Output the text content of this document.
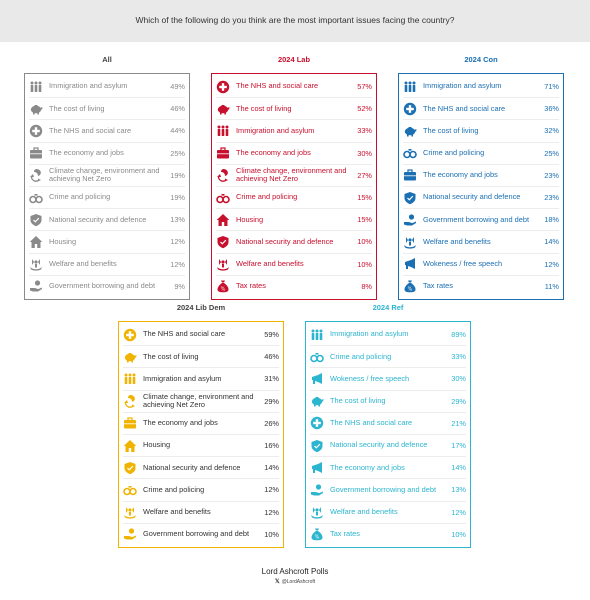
Which of the following do you think are the most important issues facing the country?
All
Immigration and asylum	49%
The cost of living	46%
The NHS and social care	44%
The economy and jobs	25%
Climate change, environment and achieving Net Zero	19%
Crime and policing	19%
National security and defence	13%
Housing	12%
Welfare and benefits	12%
Government borrowing and debt	9%
2024 Lab
The NHS and social care	57%
The cost of living	52%
Immigration and asylum	33%
The economy and jobs	30%
Climate change, environment and achieving Net Zero	27%
Crime and policing	15%
Housing	15%
National security and defence	10%
Welfare and benefits	10%
% Tax rates	8%
2024 Con
Immigration and asylum	71%
The NHS and social care	36%
The cost of living	32%
Crime and policing	25%
The economy and jobs	23%
National security and defence	23%
Government borrowing and debt	18%
Welfare and benefits	14%
Wokeness / free speech	12%
% Tax rates	11%
2024 Lib Dem
The NHS and social care	59%
The cost of living	46%
Immigration and asylum	31%
Climate change, environment and achieving Net Zero	29%
The economy and jobs	26%
Housing	16%
National security and defence	14%
Crime and policing	12%
Welfare and benefits	12%
Government borrowing and debt	10%
2024 Ref
Immigration and asylum	89%
Crime and policing	33%
Wokeness / free speech	30%
The cost of living	29%
The NHS and social care	21%
National security and defence	17%
The economy and jobs	14%
Government borrowing and debt	13%
Welfare and benefits	12%
% Tax rates	10%
Lord Ashcroft Polls
𝕏 @LordAshcroft
